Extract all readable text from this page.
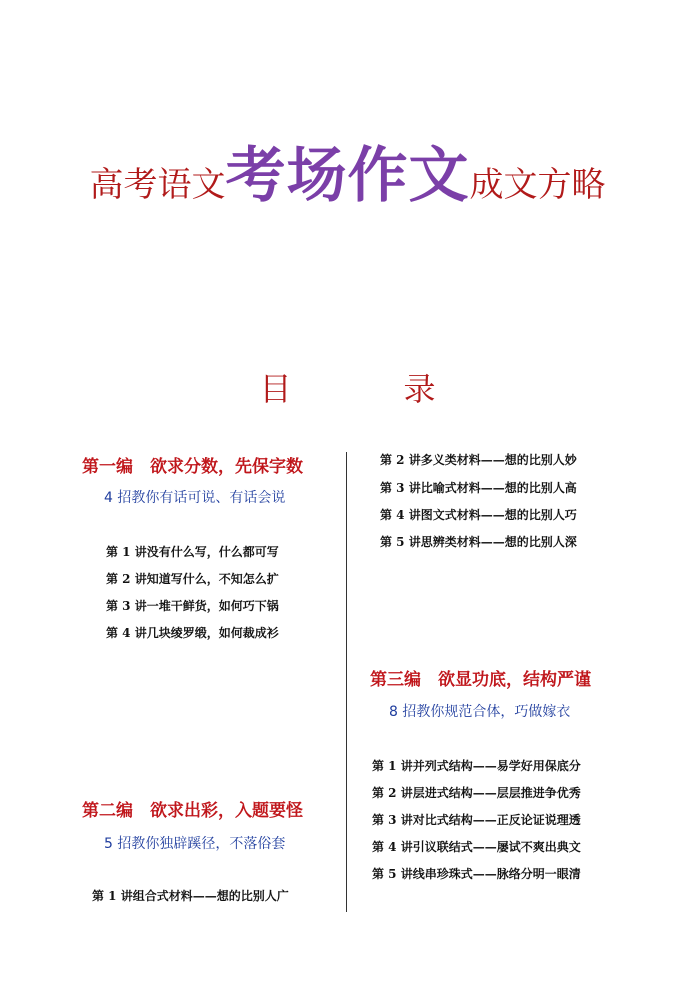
高考语文考场作文成文方略
目　录
第一编　欲求分数，先保字数
4 招教你有话可说、有话会说
第 1 讲没有什么写，什么都可写
第 2 讲知道写什么，不知怎么扩
第 3 讲一堆干鲜货，如何巧下锅
第 4 讲几块绫罗缎，如何裁成衫
第二编　欲求出彩，入题要怪
5 招教你独辟蹊径，不落俗套
第 1 讲组合式材料——想的比别人广
第 2 讲多义类材料——想的比别人妙
第 3 讲比喻式材料——想的比别人高
第 4 讲图文式材料——想的比别人巧
第 5 讲思辨类材料——想的比别人深
第三编　欲显功底，结构严谨
8 招教你规范合体，巧做嫁衣
第 1 讲并列式结构——易学好用保底分
第 2 讲层进式结构——层层推进争优秀
第 3 讲对比式结构——正反论证说理透
第 4 讲引议联结式——屡试不爽出典文
第 5 讲线串珍珠式——脉络分明一眼清
